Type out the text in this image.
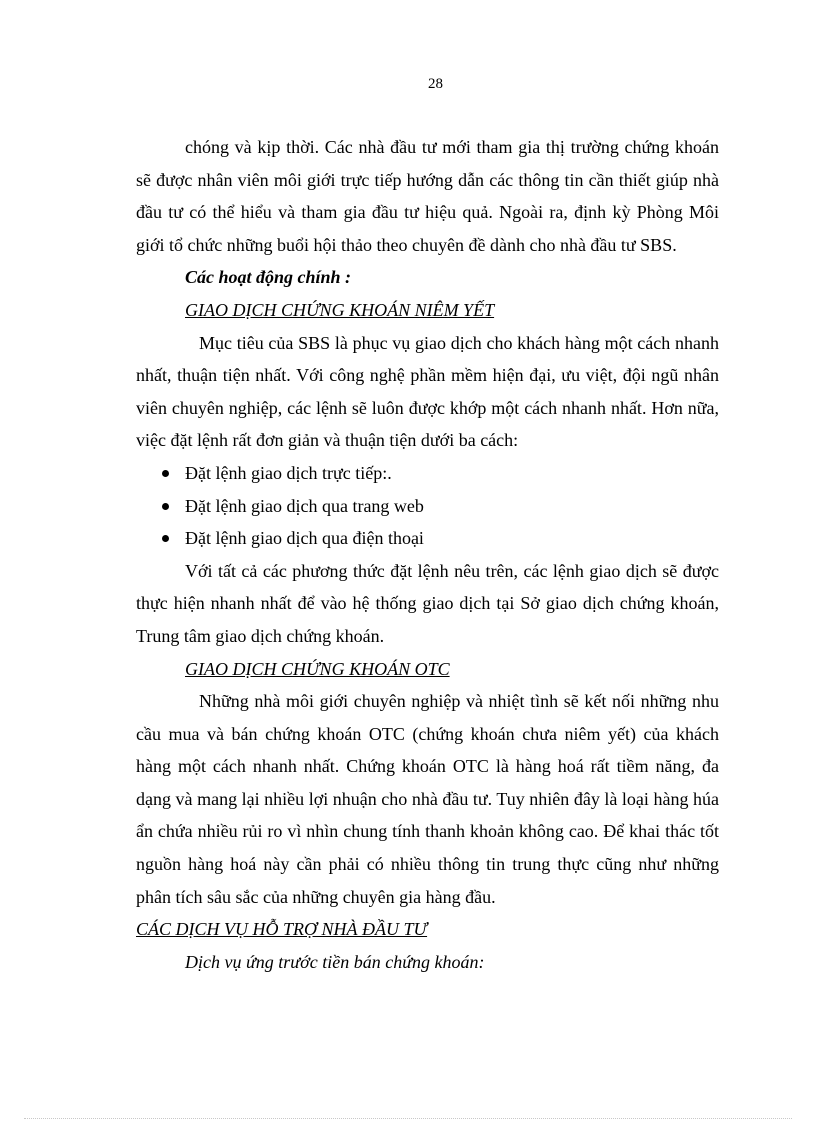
28

chóng và kịp thời. Các nhà đầu tư mới tham gia thị trường chứng khoán sẽ được nhân viên môi giới trực tiếp hướng dẫn các thông tin cần thiết giúp nhà đầu tư có thể hiểu và tham gia đầu tư hiệu quả. Ngoài ra, định kỳ Phòng Môi giới tổ chức những buổi hội thảo theo chuyên đề dành cho nhà đầu tư SBS.

Các hoạt động chính :

GIAO DỊCH CHỨNG KHOÁN NIÊM YẾT

Mục tiêu của SBS là phục vụ giao dịch cho khách hàng một cách nhanh nhất, thuận tiện nhất. Với công nghệ phần mềm hiện đại, ưu việt, đội ngũ nhân viên chuyên nghiệp, các lệnh sẽ luôn được khớp một cách nhanh nhất. Hơn nữa, việc đặt lệnh rất đơn giản và thuận tiện dưới ba cách:

Đặt lệnh giao dịch trực tiếp:.
Đặt lệnh giao dịch qua trang web
Đặt lệnh giao dịch qua điện thoại

Với tất cả các phương thức đặt lệnh nêu trên, các lệnh giao dịch sẽ được thực hiện nhanh nhất để vào hệ thống giao dịch tại Sở giao dịch chứng khoán, Trung tâm giao dịch chứng khoán.

GIAO DỊCH CHỨNG KHOÁN OTC

Những nhà môi giới chuyên nghiệp và nhiệt tình sẽ kết nối những nhu cầu mua và bán chứng khoán OTC (chứng khoán chưa niêm yết) của khách hàng một cách nhanh nhất. Chứng khoán OTC là hàng hoá rất tiềm năng, đa dạng và mang lại nhiều lợi nhuận cho nhà đầu tư. Tuy nhiên đây là loại hàng húa ẩn chứa nhiều rủi ro vì nhìn chung tính thanh khoản không cao. Để khai thác tốt nguồn hàng hoá này cần phải có nhiều thông tin trung thực cũng như những phân tích sâu sắc của những chuyên gia hàng đầu.

CÁC DỊCH VỤ HỖ TRỢ NHÀ ĐẦU TƯ

Dịch vụ ứng trước tiền bán chứng khoán:
